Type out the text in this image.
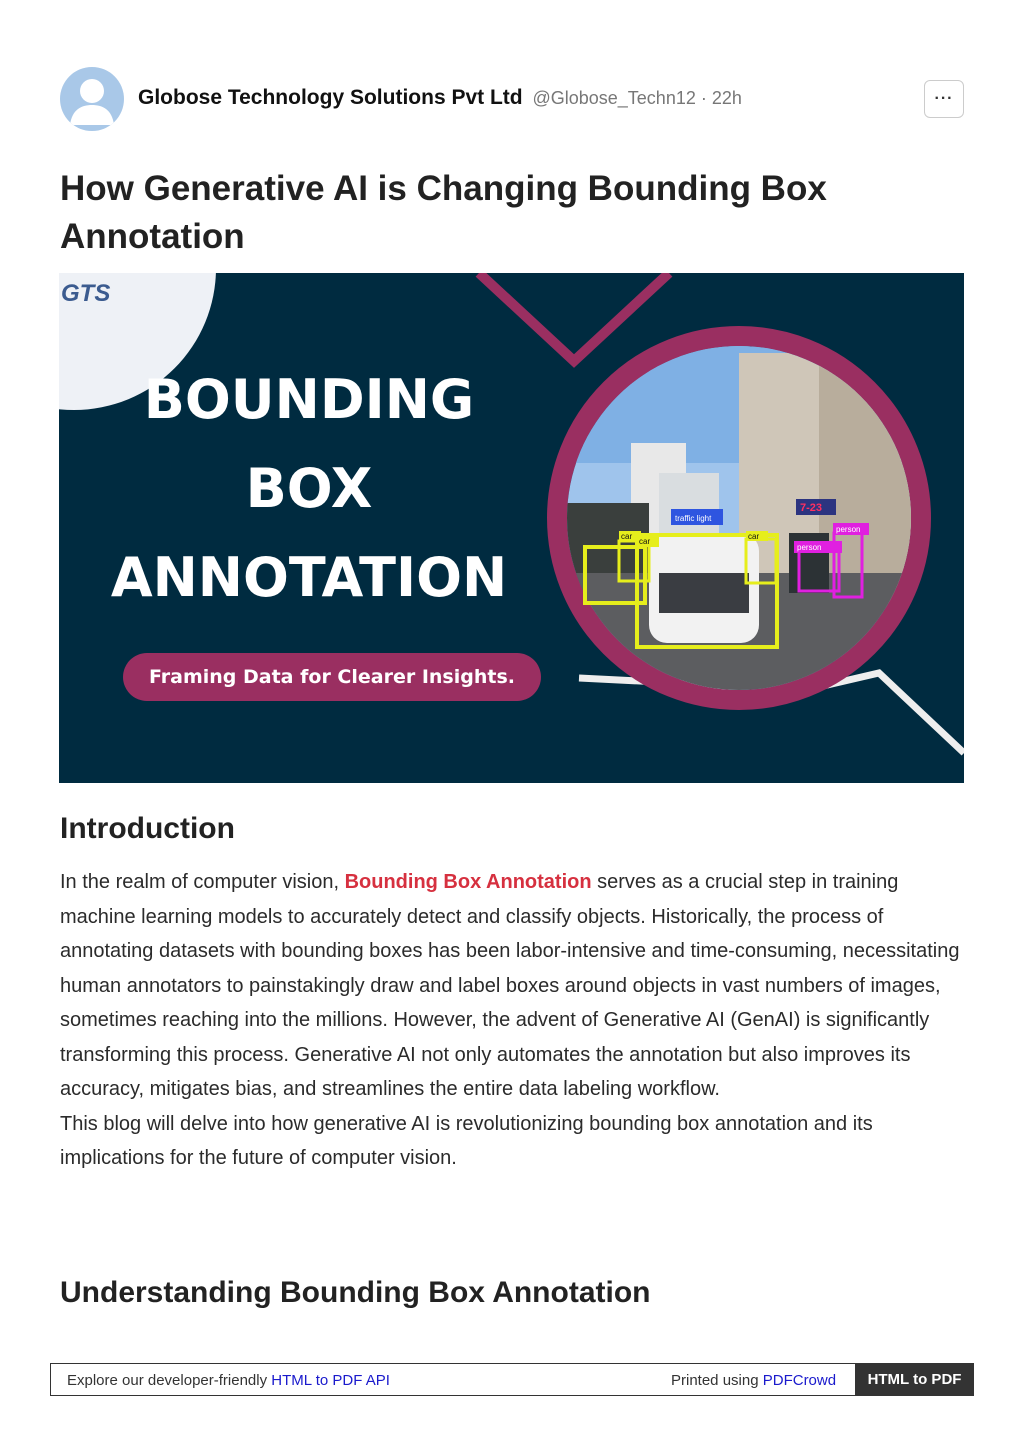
Globose Technology Solutions Pvt Ltd @Globose_Techn12 · 22h	···
How Generative AI is Changing Bounding Box Annotation
GTS
traffic light
car
car	car
person
person
7-23
BOUNDING
BOX
ANNOTATION
Framing Data for Clearer Insights.
Introduction

In the realm of computer vision, Bounding Box Annotation serves as a crucial step in training machine learning models to accurately detect and classify objects. Historically, the process of annotating datasets with bounding boxes has been labor-intensive and time-consuming, necessitating human annotators to painstakingly draw and label boxes around objects in vast numbers of images, sometimes reaching into the millions. However, the advent of Generative AI (GenAI) is significantly transforming this process. Generative AI not only automates the annotation but also improves its accuracy, mitigates bias, and streamlines the entire data labeling workflow.

This blog will delve into how generative AI is revolutionizing bounding box annotation and its implications for the future of computer vision.

Understanding Bounding Box Annotation
Explore our developer-friendly HTML to PDF API	Printed using PDFCrowd	HTML to PDF
